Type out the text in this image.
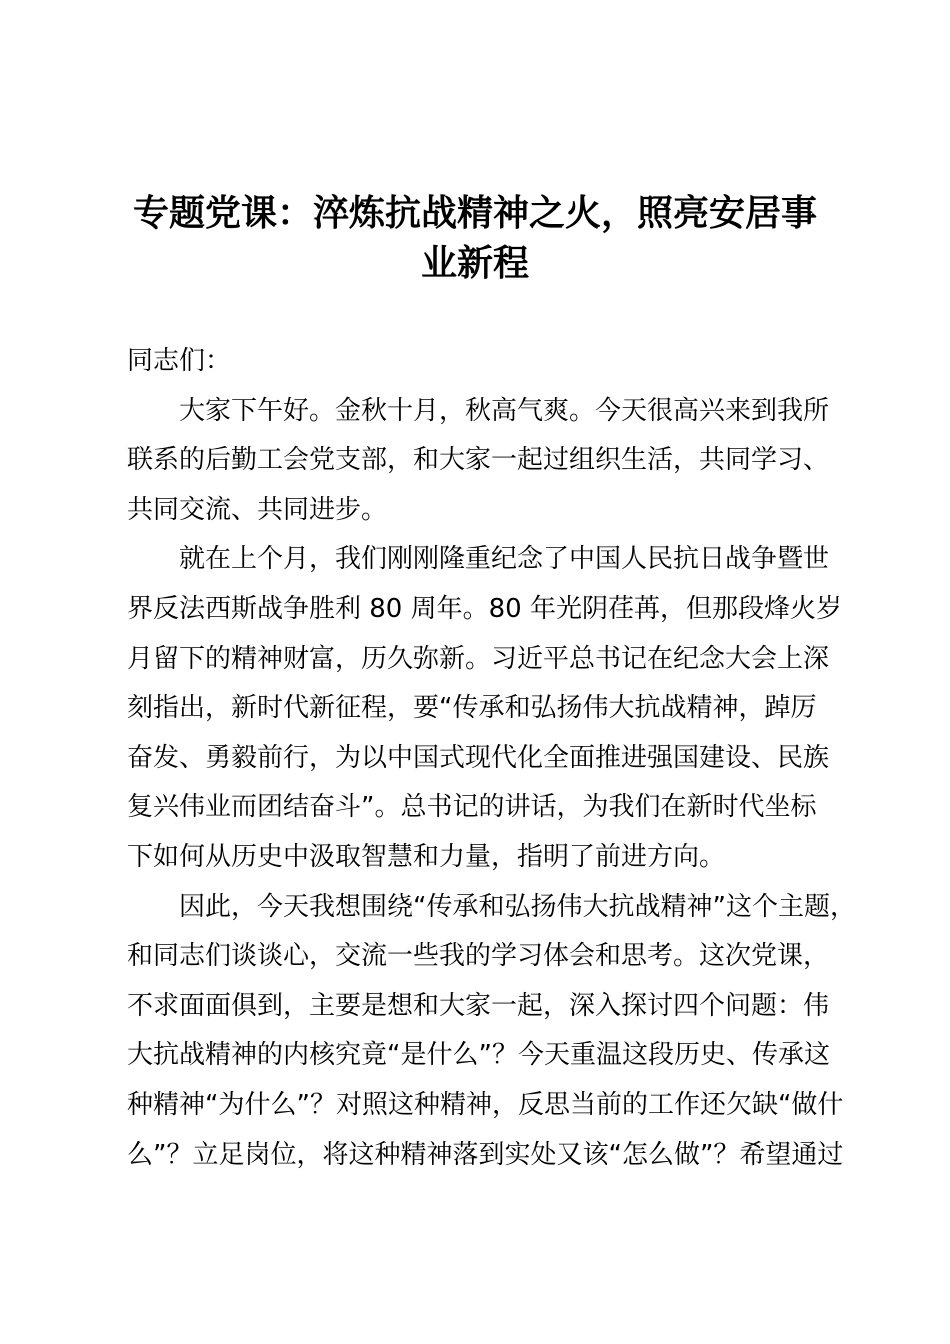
专题党课：淬炼抗战精神之火，照亮安居事
业新程
同志们：
大家下午好。金秋十月，秋高气爽。今天很高兴来到我所
联系的后勤工会党支部，和大家一起过组织生活，共同学习、
共同交流、共同进步。
就在上个月，我们刚刚隆重纪念了中国人民抗日战争暨世
界反法西斯战争胜利 80 周年。80 年光阴荏苒，但那段烽火岁
月留下的精神财富，历久弥新。习近平总书记在纪念大会上深
刻指出，新时代新征程，要“传承和弘扬伟大抗战精神，踔厉
奋发、勇毅前行，为以中国式现代化全面推进强国建设、民族
复兴伟业而团结奋斗”。总书记的讲话，为我们在新时代坐标
下如何从历史中汲取智慧和力量，指明了前进方向。
因此，今天我想围绕“传承和弘扬伟大抗战精神”这个主题，
和同志们谈谈心，交流一些我的学习体会和思考。这次党课，
不求面面俱到，主要是想和大家一起，深入探讨四个问题：伟
大抗战精神的内核究竟“是什么”？今天重温这段历史、传承这
种精神“为什么”？对照这种精神，反思当前的工作还欠缺“做什
么”？立足岗位，将这种精神落到实处又该“怎么做”？希望通过
